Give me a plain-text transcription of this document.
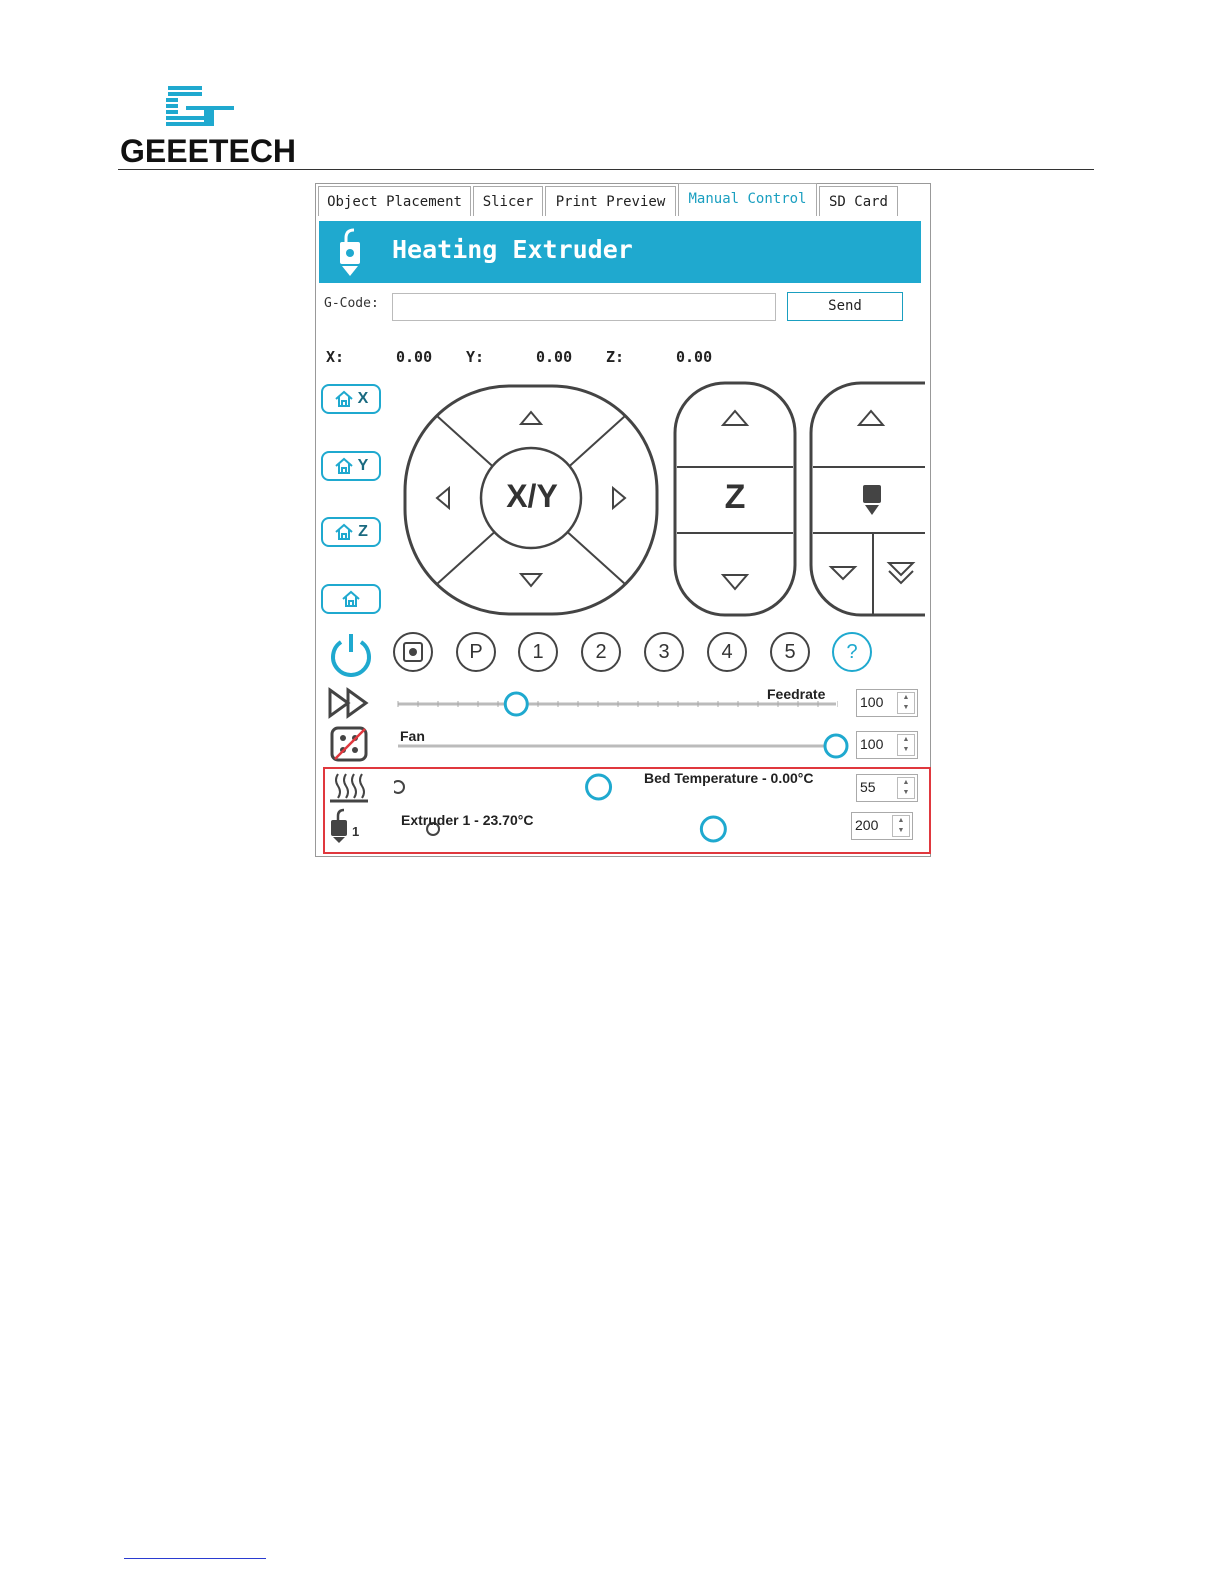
GEEETECH
Object Placement	Slicer	Print Preview	Manual Control	SD Card
Heating Extruder
G-Code:	Send
X:	0.00 Y:	0.00 Z:	0.00
X
Y
Z
X/Y	Z
P	1	2	3	4	5	?
Feedrate 100	▲
▼
Fan	100	▲
▼
Bed Temperature - 0.00°C
55	▲
▼
1
Extruder 1 - 23.70°C	200	▲
▼
